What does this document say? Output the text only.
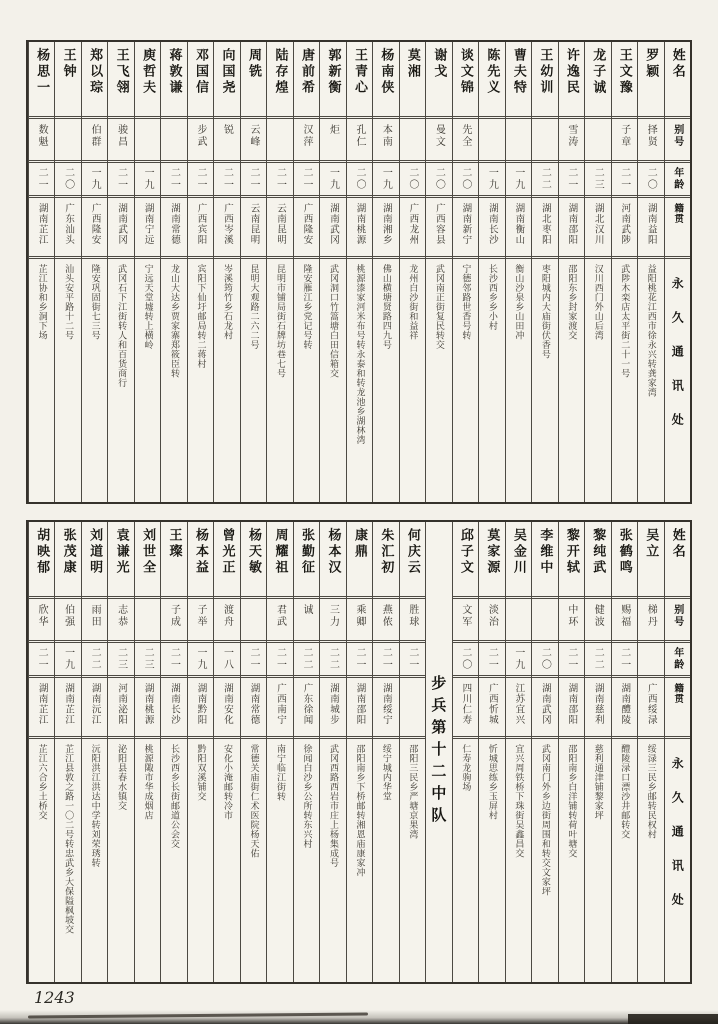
姓名
别号
年龄
籍贯
永久通讯处
罗颖
择贤
二〇
湖南益阳
益阳桃花江西市徐永兴转龚家湾
王文豫
子章
二一
河南武陟
武陟木栾店太平街二十一号
龙子诚
二三
湖北汉川
汉川西门外山后湾
许逸民
雪涛
二一
湖南邵阳
邵阳东乡封家渡交
王幼训
二二
湖北枣阳
枣阳城内大庙街伏香号
曹夫特
一九
湖南衡山
衡山沙泉乡山田冲
陈先义
一九
湖南长沙
长沙西乡乡小村
谈文锦
先全
二〇
湖南新宁
宁德邻路世香号转
谢戈
曼文
二〇
广西容县
武冈南正街复民转交
莫湘
二〇
广西龙州
龙州白沙街和益祥
杨南侠
本南
一九
湖南湘乡
佛山横塘贤路四九号
王青心
孔仁
二〇
湖南桃源
桃源漆家河米布号转永泰和转龙池乡湖林湾
郭新衡
炬
一九
湖南武冈
武冈洞口竹篙塘白田信箱交
唐前希
汉萍
二一
广西隆安
隆安雁江乡党记号转
陆存煌
二一
云南昆明
昆明市铺局街石牌坊巷七号
周铣
云峰
二一
云南昆明
昆明大观路二六二号
向国尧
锐
二一
广西岑溪
岑溪筠竹乡石龙村
邓国信
步武
二一
广西宾阳
宾阳下仙圩邮局转二蒋村
蒋敦谦
二一
湖南常德
龙山大达乡贾家寨郑筱臣转
庾哲夫
一九
湖南宁远
宁远天堂墟转上横岭
王飞翎
骏昌
二一
湖南武冈
武冈石下江街转人和百货商行
郑以琮
伯群
一九
广西隆安
隆安巩固街七三号
王钟
二〇
广东汕头
汕头安平路十二号
杨思一
数魁
二一
湖南芷江
芷江协和乡洞下场
姓名
别号
年龄
籍贯
永久通讯处
吴立
梯丹
广西绥渌
绥渌三民乡邮转民权村
张鹤鸣
赐福
二一
湖南醴陵
醴陵渌口漂沙井邮转交
黎纯武
健波
二二
湖南慈利
慈利通津铺黎家坪
黎开轼
中环
二一
湖南邵阳
邵阳南乡白洋铺转荷叶塘交
李维中
二〇
湖南武冈
武冈南门外乡边街周围和转交文家坪
吴金川
一九
江苏宜兴
宜兴周铁桥下珠街吴鑫昌交
莫家源
淡治
二一
广西忻城
忻城思练乡玉屏村
邱子文
文军
二〇
四川仁寿
仁寿龙驹场
步兵第十二中队
何庆云
胜球
二一
邵阳三民乡严塘京果湾
朱汇初
燕侬
二一
湖南绥宁
绥宁城内华堂
康鼎
乘卿
二一
湖南邵阳
邵阳南乡下桥邮转湘恩庙康家冲
杨本汉
三力
二二
湖南城步
武冈西路西岩市庄上杨集成号
张勤征
诚
二二
广东徐闻
徐闻白沙乡公所转东兴村
周耀祖
君武
二一
广西南宁
南宁临江街转
杨天敏
二一
湖南常德
常德关庙街仁术医院杨天佑
曾光正
渡舟
一八
湖南安化
安化小淹邮转冷市
杨本益
子举
一九
湖南黔阳
黔阳双溪铺交
王璨
子成
二一
湖南长沙
长沙西乡长街邮道公会交
刘世全
二三
湖南桃源
桃源陬市华成烟店
袁谦光
志恭
二三
河南泌阳
泌阳县春水镇交
刘道明
雨田
二二
湖南沅江
沅阳洪江洪达中学转刘荣琇转
张茂康
伯强
一九
湖南芷江
芷江县敦之路一〇二号转忠武乡大保隘枫坡交
胡映郁
欣华
二一
湖南芷江
芷江六合乡土桥交
1243
